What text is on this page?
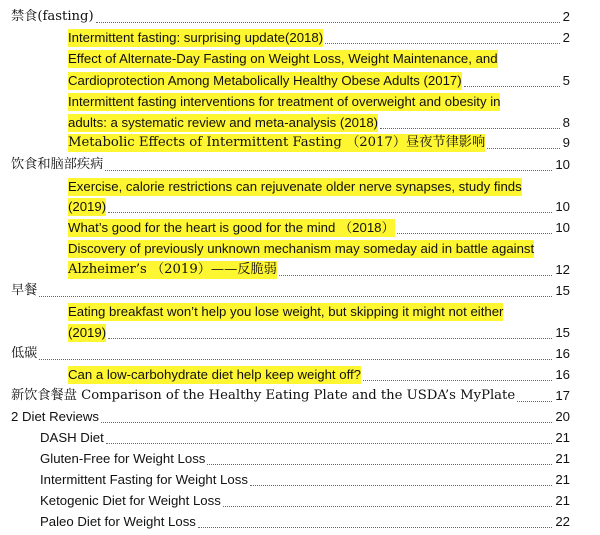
禁食(fasting)	2
Intermittent fasting: surprising update(2018)	2
Effect of Alternate-Day Fasting on Weight Loss, Weight Maintenance, and
Cardioprotection Among Metabolically Healthy Obese Adults (2017)	5
Intermittent fasting interventions for treatment of overweight and obesity in
adults: a systematic review and meta-analysis (2018)	8
Metabolic Effects of Intermittent Fasting （2017）昼夜节律影响	9
饮食和脑部疾病	10
Exercise, calorie restrictions can rejuvenate older nerve synapses, study finds
(2019)	10
What’s good for the heart is good for the mind （2018）	10
Discovery of previously unknown mechanism may someday aid in battle against
Alzheimer’s （2019）——反脆弱	12
早餐	15
Eating breakfast won’t help you lose weight, but skipping it might not either
(2019)	15
低碳	16
Can a low-carbohydrate diet help keep weight off?	16
新饮食餐盘 Comparison of the Healthy Eating Plate and the USDA’s MyPlate	17
2 Diet Reviews	20
DASH Diet	21
Gluten-Free for Weight Loss	21
Intermittent Fasting for Weight Loss	21
Ketogenic Diet for Weight Loss	21
Paleo Diet for Weight Loss	22
